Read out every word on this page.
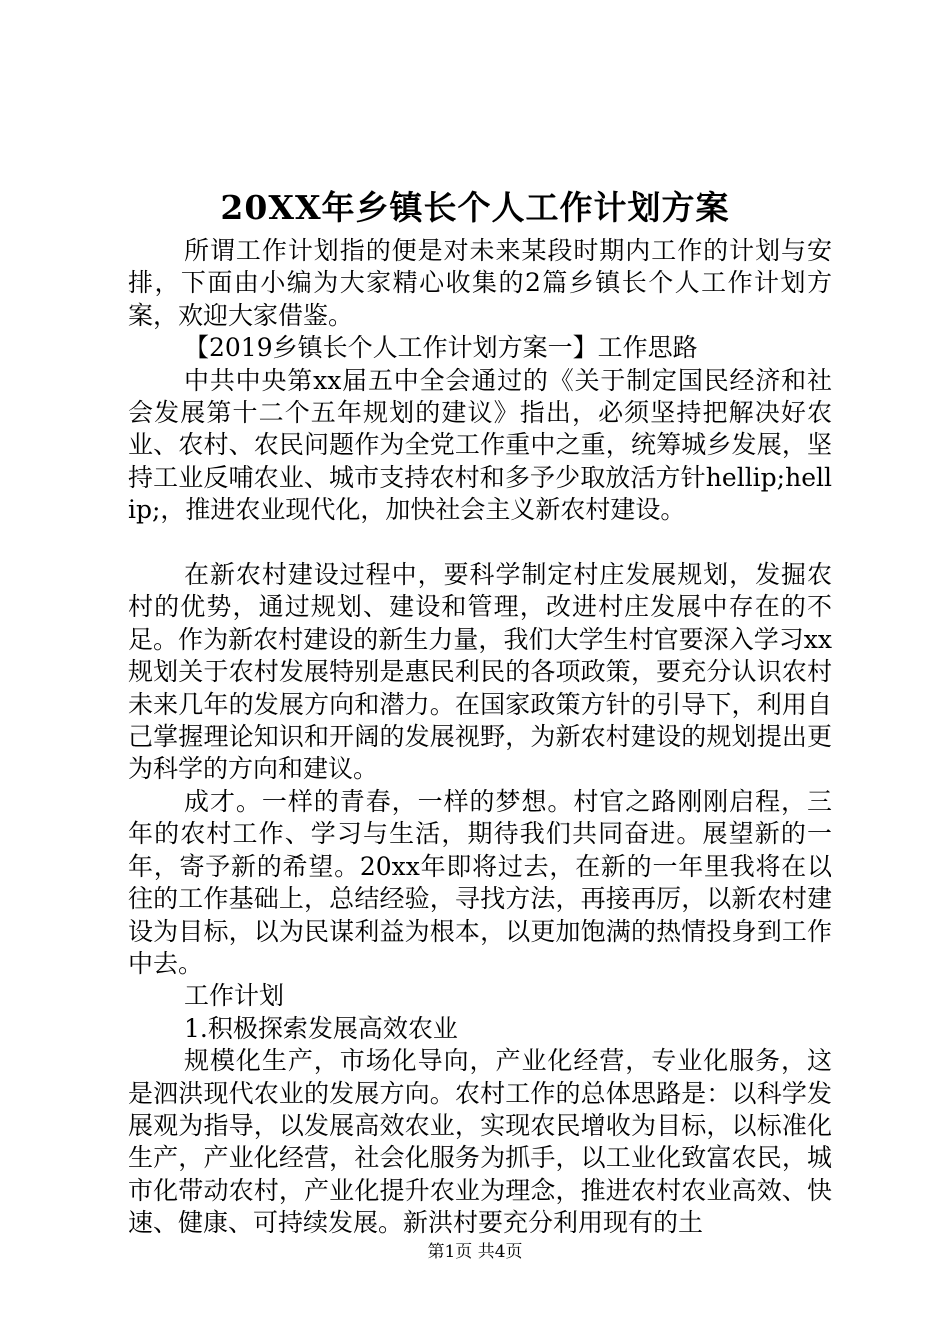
20XX年乡镇长个人工作计划方案

所谓工作计划指的便是对未来某段时期内工作的计划与安排，下面由小编为大家精心收集的2篇乡镇长个人工作计划方案，欢迎大家借鉴。

【2019乡镇长个人工作计划方案一】工作思路

中共中央第xx届五中全会通过的《关于制定国民经济和社会发展第十二个五年规划的建议》指出，必须坚持把解决好农业、农村、农民问题作为全党工作重中之重，统筹城乡发展，坚持工业反哺农业、城市支持农村和多予少取放活方针hellip;hellip;，推进农业现代化，加快社会主义新农村建设。

在新农村建设过程中，要科学制定村庄发展规划，发掘农村的优势，通过规划、建设和管理，改进村庄发展中存在的不足。作为新农村建设的新生力量，我们大学生村官要深入学习xx规划关于农村发展特别是惠民利民的各项政策，要充分认识农村未来几年的发展方向和潜力。在国家政策方针的引导下，利用自己掌握理论知识和开阔的发展视野，为新农村建设的规划提出更为科学的方向和建议。

成才。一样的青春，一样的梦想。村官之路刚刚启程，三年的农村工作、学习与生活，期待我们共同奋进。展望新的一年，寄予新的希望。20xx年即将过去，在新的一年里我将在以往的工作基础上，总结经验，寻找方法，再接再厉，以新农村建设为目标，以为民谋利益为根本，以更加饱满的热情投身到工作中去。

工作计划

1.积极探索发展高效农业

规模化生产，市场化导向，产业化经营，专业化服务，这是泗洪现代农业的发展方向。农村工作的总体思路是：以科学发展观为指导，以发展高效农业，实现农民增收为目标，以标准化生产，产业化经营，社会化服务为抓手，以工业化致富农民，城市化带动农村，产业化提升农业为理念，推进农村农业高效、快速、健康、可持续发展。新洪村要充分利用现有的土

第1页 共4页
